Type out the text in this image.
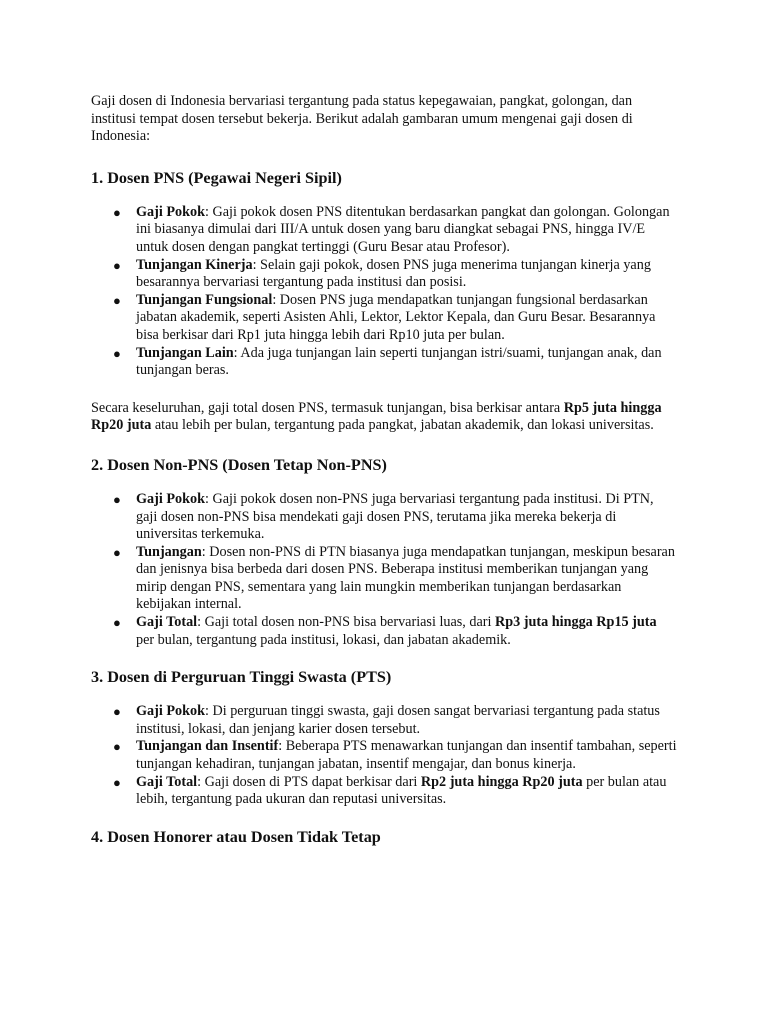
Gaji dosen di Indonesia bervariasi tergantung pada status kepegawaian, pangkat, golongan, dan institusi tempat dosen tersebut bekerja. Berikut adalah gambaran umum mengenai gaji dosen di Indonesia:

1. Dosen PNS (Pegawai Negeri Sipil)
● Gaji Pokok: Gaji pokok dosen PNS ditentukan berdasarkan pangkat dan golongan. Golongan ini biasanya dimulai dari III/A untuk dosen yang baru diangkat sebagai PNS, hingga IV/E untuk dosen dengan pangkat tertinggi (Guru Besar atau Profesor).
● Tunjangan Kinerja: Selain gaji pokok, dosen PNS juga menerima tunjangan kinerja yang besarannya bervariasi tergantung pada institusi dan posisi.
● Tunjangan Fungsional: Dosen PNS juga mendapatkan tunjangan fungsional berdasarkan jabatan akademik, seperti Asisten Ahli, Lektor, Lektor Kepala, dan Guru Besar. Besarannya bisa berkisar dari Rp1 juta hingga lebih dari Rp10 juta per bulan.
● Tunjangan Lain: Ada juga tunjangan lain seperti tunjangan istri/suami, tunjangan anak, dan tunjangan beras.

Secara keseluruhan, gaji total dosen PNS, termasuk tunjangan, bisa berkisar antara Rp5 juta hingga Rp20 juta atau lebih per bulan, tergantung pada pangkat, jabatan akademik, dan lokasi universitas.

2. Dosen Non-PNS (Dosen Tetap Non-PNS)
● Gaji Pokok: Gaji pokok dosen non-PNS juga bervariasi tergantung pada institusi. Di PTN, gaji dosen non-PNS bisa mendekati gaji dosen PNS, terutama jika mereka bekerja di universitas terkemuka.
● Tunjangan: Dosen non-PNS di PTN biasanya juga mendapatkan tunjangan, meskipun besaran dan jenisnya bisa berbeda dari dosen PNS. Beberapa institusi memberikan tunjangan yang mirip dengan PNS, sementara yang lain mungkin memberikan tunjangan berdasarkan kebijakan internal.
● Gaji Total: Gaji total dosen non-PNS bisa bervariasi luas, dari Rp3 juta hingga Rp15 juta per bulan, tergantung pada institusi, lokasi, dan jabatan akademik.
3. Dosen di Perguruan Tinggi Swasta (PTS)
● Gaji Pokok: Di perguruan tinggi swasta, gaji dosen sangat bervariasi tergantung pada status institusi, lokasi, dan jenjang karier dosen tersebut.
● Tunjangan dan Insentif: Beberapa PTS menawarkan tunjangan dan insentif tambahan, seperti tunjangan kehadiran, tunjangan jabatan, insentif mengajar, dan bonus kinerja.
● Gaji Total: Gaji dosen di PTS dapat berkisar dari Rp2 juta hingga Rp20 juta per bulan atau lebih, tergantung pada ukuran dan reputasi universitas.
4. Dosen Honorer atau Dosen Tidak Tetap
